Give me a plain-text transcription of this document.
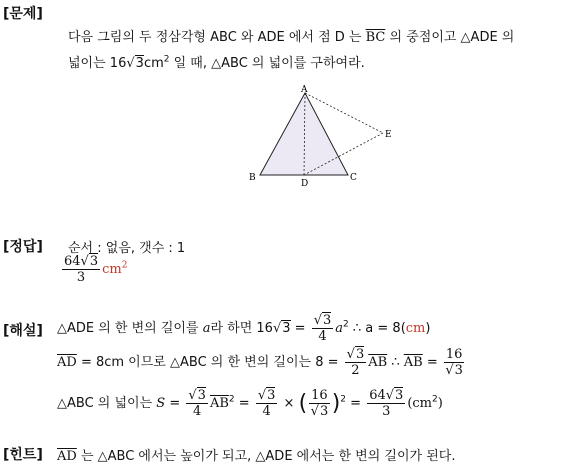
[문제]
다음 그림의 두 정삼각형 ABC 와 ADE 에서 점 D 는 $\overline{BC}$ 의 중점이고 △ADE 의
넓이는 $16√3cm^2$ 일 때, △ABC 의 넓이를 구하여라.
A
B	C
D
E
[정답] 순서 : 없음, 갯수 : 1
$\frac{64√3}{3} cm^2$
[해설] △ADE 의 한 변의 길이를 a라 하면 $16√3 = \frac{√3}{4} a^2$ ∴ a = 8(cm)
$\overline{AD} = 8cm$ 이므로 △ABC 의 한 변의 길이는 $8 = \frac{√3}{2} \overline{AB}$ ∴ $\overline{AB} = \frac{16}{√3}$
△ABC 의 넓이는 $S = \frac{√3}{4} \overline{AB}^2 = \frac{√3}{4}$ × ( $\frac{16}{√3} )^2 = \frac{64√3}{3} (cm^2)$
[힌트] $\overline{AD}$ 는 △ABC 에서는 높이가 되고, △ADE 에서는 한 변의 길이가 된다.
